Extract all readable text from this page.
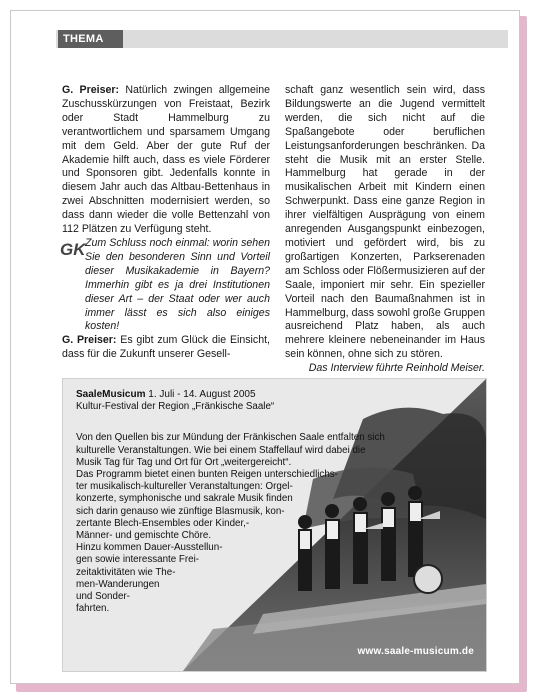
THEMA

G. Preiser: Natürlich zwingen allgemeine Zuschusskürzungen von Freistaat, Bezirk oder Stadt Hammelburg zu verantwortlichem und sparsamem Umgang mit dem Geld. Aber der gute Ruf der Akademie hilft auch, dass es viele Förderer und Sponsoren gibt. Jedenfalls konnte in diesem Jahr auch das Altbau-Bettenhaus in zwei Abschnitten modernisiert werden, so dass dann wieder die volle Bettenzahl von 112 Plätzen zu Verfügung steht.

GK Zum Schluss noch einmal: worin sehen Sie den besonderen Sinn und Vorteil dieser Musikakademie in Bayern? Immerhin gibt es ja drei Institutionen dieser Art – der Staat oder wer auch immer lässt es sich also einiges kosten!

G. Preiser: Es gibt zum Glück die Einsicht, dass für die Zukunft unserer Gesell-

schaft ganz wesentlich sein wird, dass Bildungswerte an die Jugend vermittelt werden, die sich nicht auf die Spaßangebote oder beruflichen Leistungsanforderungen beschränken. Da steht die Musik mit an erster Stelle. Hammelburg hat gerade in der musikalischen Arbeit mit Kindern einen Schwerpunkt. Dass eine ganze Region in ihrer vielfältigen Ausprägung von einem anregenden Ausgangspunkt einbezogen, motiviert und gefördert wird, bis zu großartigen Konzerten, Parkserenaden am Schloss oder Flößermusizieren auf der Saale, imponiert mir sehr. Ein spezieller Vorteil nach den Baumaßnahmen ist in Hammelburg, dass sowohl große Gruppen ausreichend Platz haben, als auch mehrere kleinere nebeneinander im Haus sein können, ohne sich zu stören.

Das Interview führte Reinhold Meiser.
SaaleMusicum 1. Juli - 14. August 2005
Kultur-Festival der Region „Fränkische Saale“
Von den Quellen bis zur Mündung der Fränkischen Saale entfalten sich
kulturelle Veranstaltungen. Wie bei einem Staffellauf wird dabei die
Musik Tag für Tag und Ort für Ort „weitergereicht“.
Das Programm bietet einen bunten Reigen unterschiedlichs-
ter musikalisch-kultureller Veranstaltungen: Orgel-
konzerte, symphonische und sakrale Musik finden
sich darin genauso wie zünftige Blasmusik, kon-
zertante Blech-Ensembles oder Kinder,-
Männer- und gemischte Chöre.
Hinzu kommen Dauer-Ausstellun-
gen sowie interessante Frei-
zeitaktivitäten wie The-
men-Wanderungen
und Sonder-
fahrten.
www.saale-musicum.de
